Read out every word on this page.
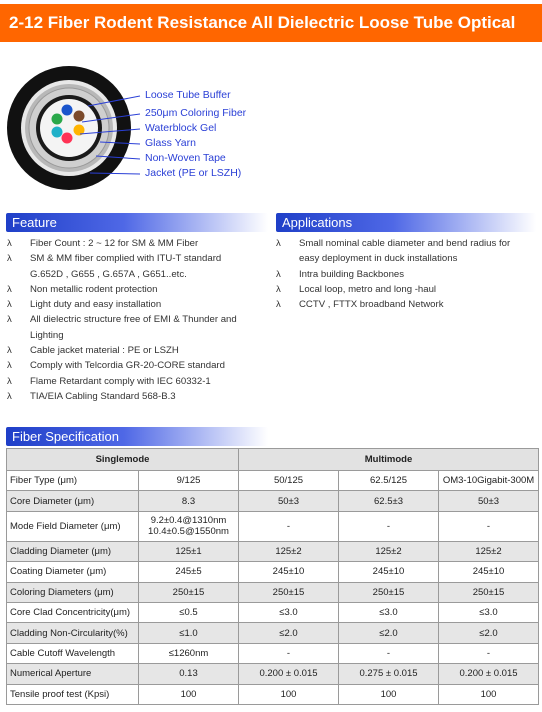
2-12 Fiber Rodent Resistance All Dielectric Loose Tube Optical
Loose Tube Buffer
250μm Coloring Fiber
Waterblock Gel
Glass Yarn
Non-Woven Tape
Jacket (PE or LSZH)
Feature
λ Fiber Count : 2 ~ 12 for SM & MM Fiber
λ SM & MM fiber complied with ITU-T standard
G.652D , G655 , G.657A , G651..etc.
λ Non metallic rodent protection
λ Light duty and easy installation
λ All dielectric structure free of EMI & Thunder and
Lighting
λ Cable jacket material : PE or LSZH
λ Comply with Telcordia GR-20-CORE standard
λ Flame Retardant comply with IEC 60332-1
λ TIA/EIA Cabling Standard 568-B.3
Applications
λ Small nominal cable diameter and bend radius for
easy deployment in duck installations
λ Intra building Backbones
λ Local loop, metro and long -haul
λ CCTV , FTTX broadband Network
Fiber Specification
Singlemode		Multimode		
Fiber Type (μm)	9/125	50/125	62.5/125	OM3-10Gigabit-300M
Core Diameter (μm)	8.3	50±3	62.5±3	50±3
Mode Field Diameter (μm)	9.2±0.4@1310nm
10.4±0.5@1550nm	-	-	-
Cladding Diameter (μm)	125±1	125±2	125±2	125±2
Coating Diameter (μm)	245±5	245±10	245±10	245±10
Coloring Diameters (μm)	250±15	250±15	250±15	250±15
Core Clad Concentricity(μm)	≤0.5	≤3.0	≤3.0	≤3.0
Cladding Non-Circularity(%)	≤1.0	≤2.0	≤2.0	≤2.0
Cable Cutoff Wavelength	≤1260nm	-	-	-
Numerical Aperture	0.13	0.200 ± 0.015	0.275 ± 0.015	0.200 ± 0.015
Tensile proof test (Kpsi)	100	100	100	100
